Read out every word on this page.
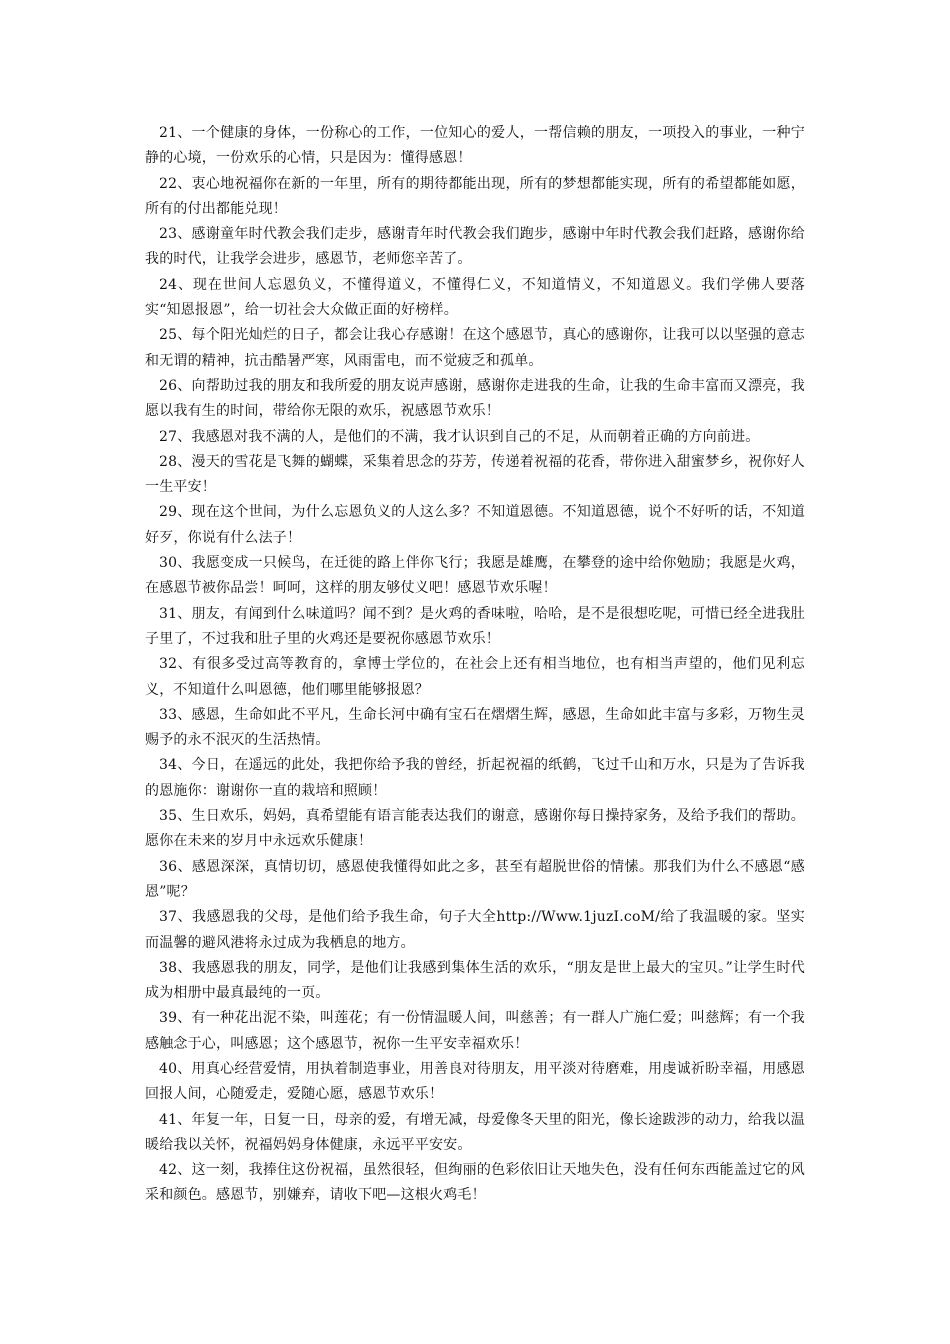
21、一个健康的身体，一份称心的工作，一位知心的爱人，一帮信赖的朋友，一项投入的事业，一种宁静的心境，一份欢乐的心情，只是因为：懂得感恩！

22、衷心地祝福你在新的一年里，所有的期待都能出现，所有的梦想都能实现，所有的希望都能如愿，所有的付出都能兑现！

23、感谢童年时代教会我们走步，感谢青年时代教会我们跑步，感谢中年时代教会我们赶路，感谢你给我的时代，让我学会进步，感恩节，老师您辛苦了。

24、现在世间人忘恩负义，不懂得道义，不懂得仁义，不知道情义，不知道恩义。我们学佛人要落实“知恩报恩”，给一切社会大众做正面的好榜样。

25、每个阳光灿烂的日子，都会让我心存感谢！在这个感恩节，真心的感谢你，让我可以以坚强的意志和无谓的精神，抗击酷暑严寒，风雨雷电，而不觉疲乏和孤单。

26、向帮助过我的朋友和我所爱的朋友说声感谢，感谢你走进我的生命，让我的生命丰富而又漂亮，我愿以我有生的时间，带给你无限的欢乐，祝感恩节欢乐！

27、我感恩对我不满的人，是他们的不满，我才认识到自己的不足，从而朝着正确的方向前进。

28、漫天的雪花是飞舞的蝴蝶，采集着思念的芬芳，传递着祝福的花香，带你进入甜蜜梦乡，祝你好人一生平安！

29、现在这个世间，为什么忘恩负义的人这么多？不知道恩德。不知道恩德，说个不好听的话，不知道好歹，你说有什么法子！

30、我愿变成一只候鸟，在迁徙的路上伴你飞行；我愿是雄鹰，在攀登的途中给你勉励；我愿是火鸡，在感恩节被你品尝！呵呵，这样的朋友够仗义吧！感恩节欢乐喔！

31、朋友，有闻到什么味道吗？闻不到？是火鸡的香味啦，哈哈，是不是很想吃呢，可惜已经全进我肚子里了，不过我和肚子里的火鸡还是要祝你感恩节欢乐！

32、有很多受过高等教育的，拿博士学位的，在社会上还有相当地位，也有相当声望的，他们见利忘义，不知道什么叫恩德，他们哪里能够报恩？

33、感恩，生命如此不平凡，生命长河中确有宝石在熠熠生辉，感恩，生命如此丰富与多彩，万物生灵赐予的永不泯灭的生活热情。

34、今日，在遥远的此处，我把你给予我的曾经，折起祝福的纸鹤，飞过千山和万水，只是为了告诉我的恩施你：谢谢你一直的栽培和照顾！

35、生日欢乐，妈妈，真希望能有语言能表达我们的谢意，感谢你每日操持家务，及给予我们的帮助。愿你在未来的岁月中永远欢乐健康！

36、感恩深深，真情切切，感恩使我懂得如此之多，甚至有超脱世俗的情愫。那我们为什么不感恩“感恩”呢？

37、我感恩我的父母，是他们给予我生命，句子大全http://Www.1juzI.coM/给了我温暖的家。坚实而温馨的避风港将永过成为我栖息的地方。

38、我感恩我的朋友，同学，是他们让我感到集体生活的欢乐，“朋友是世上最大的宝贝。”让学生时代成为相册中最真最纯的一页。

39、有一种花出泥不染，叫莲花；有一份情温暖人间，叫慈善；有一群人广施仁爱；叫慈辉；有一个我感触念于心，叫感恩；这个感恩节，祝你一生平安幸福欢乐！

40、用真心经营爱情，用执着制造事业，用善良对待朋友，用平淡对待磨难，用虔诚祈盼幸福，用感恩回报人间，心随爱走，爱随心愿，感恩节欢乐！

41、年复一年，日复一日，母亲的爱，有增无减，母爱像冬天里的阳光，像长途跋涉的动力，给我以温暖给我以关怀，祝福妈妈身体健康，永远平平安安。

42、这一刻，我捧住这份祝福，虽然很轻，但绚丽的色彩依旧让天地失色，没有任何东西能盖过它的风采和颜色。感恩节，别嫌弃，请收下吧—这根火鸡毛！
